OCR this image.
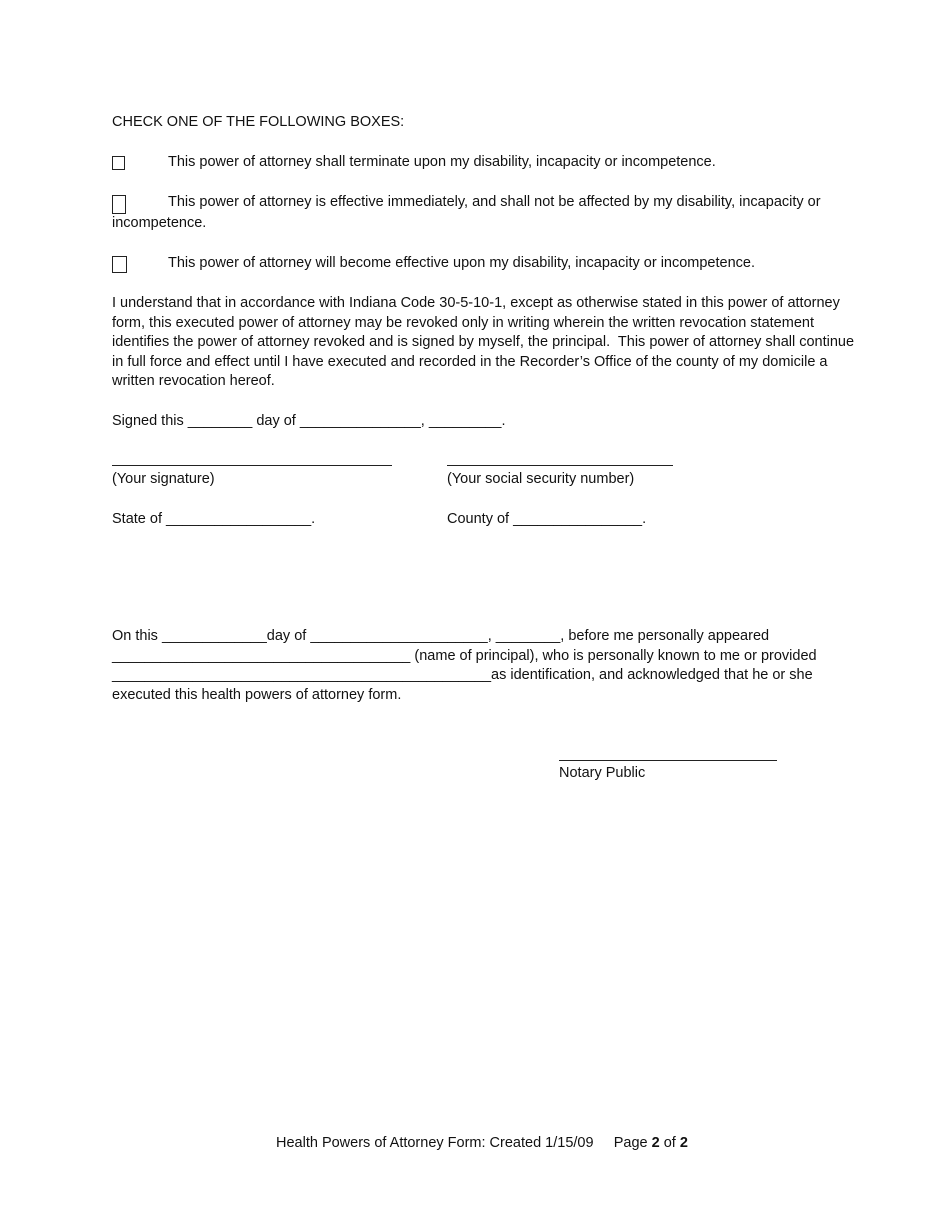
CHECK ONE OF THE FOLLOWING BOXES:
This power of attorney shall terminate upon my disability, incapacity or incompetence.
This power of attorney is effective immediately, and shall not be affected by my disability, incapacity or
incompetence.
This power of attorney will become effective upon my disability, incapacity or incompetence.
I understand that in accordance with Indiana Code 30-5-10-1, except as otherwise stated in this power of attorney
form, this executed power of attorney may be revoked only in writing wherein the written revocation statement
identifies the power of attorney revoked and is signed by myself, the principal.  This power of attorney shall continue
in full force and effect until I have executed and recorded in the Recorder’s Office of the county of my domicile a
written revocation hereof.
Signed this ________ day of _______________, _________.
(Your signature)	(Your social security number)
State of __________________.	County of ________________.
On this _____________day of ______________________, ________, before me personally appeared
_____________________________________ (name of principal), who is personally known to me or provided
_______________________________________________as identification, and acknowledged that he or she
executed this health powers of attorney form.
Notary Public
Health Powers of Attorney Form: Created 1/15/09 Page 2 of 2
